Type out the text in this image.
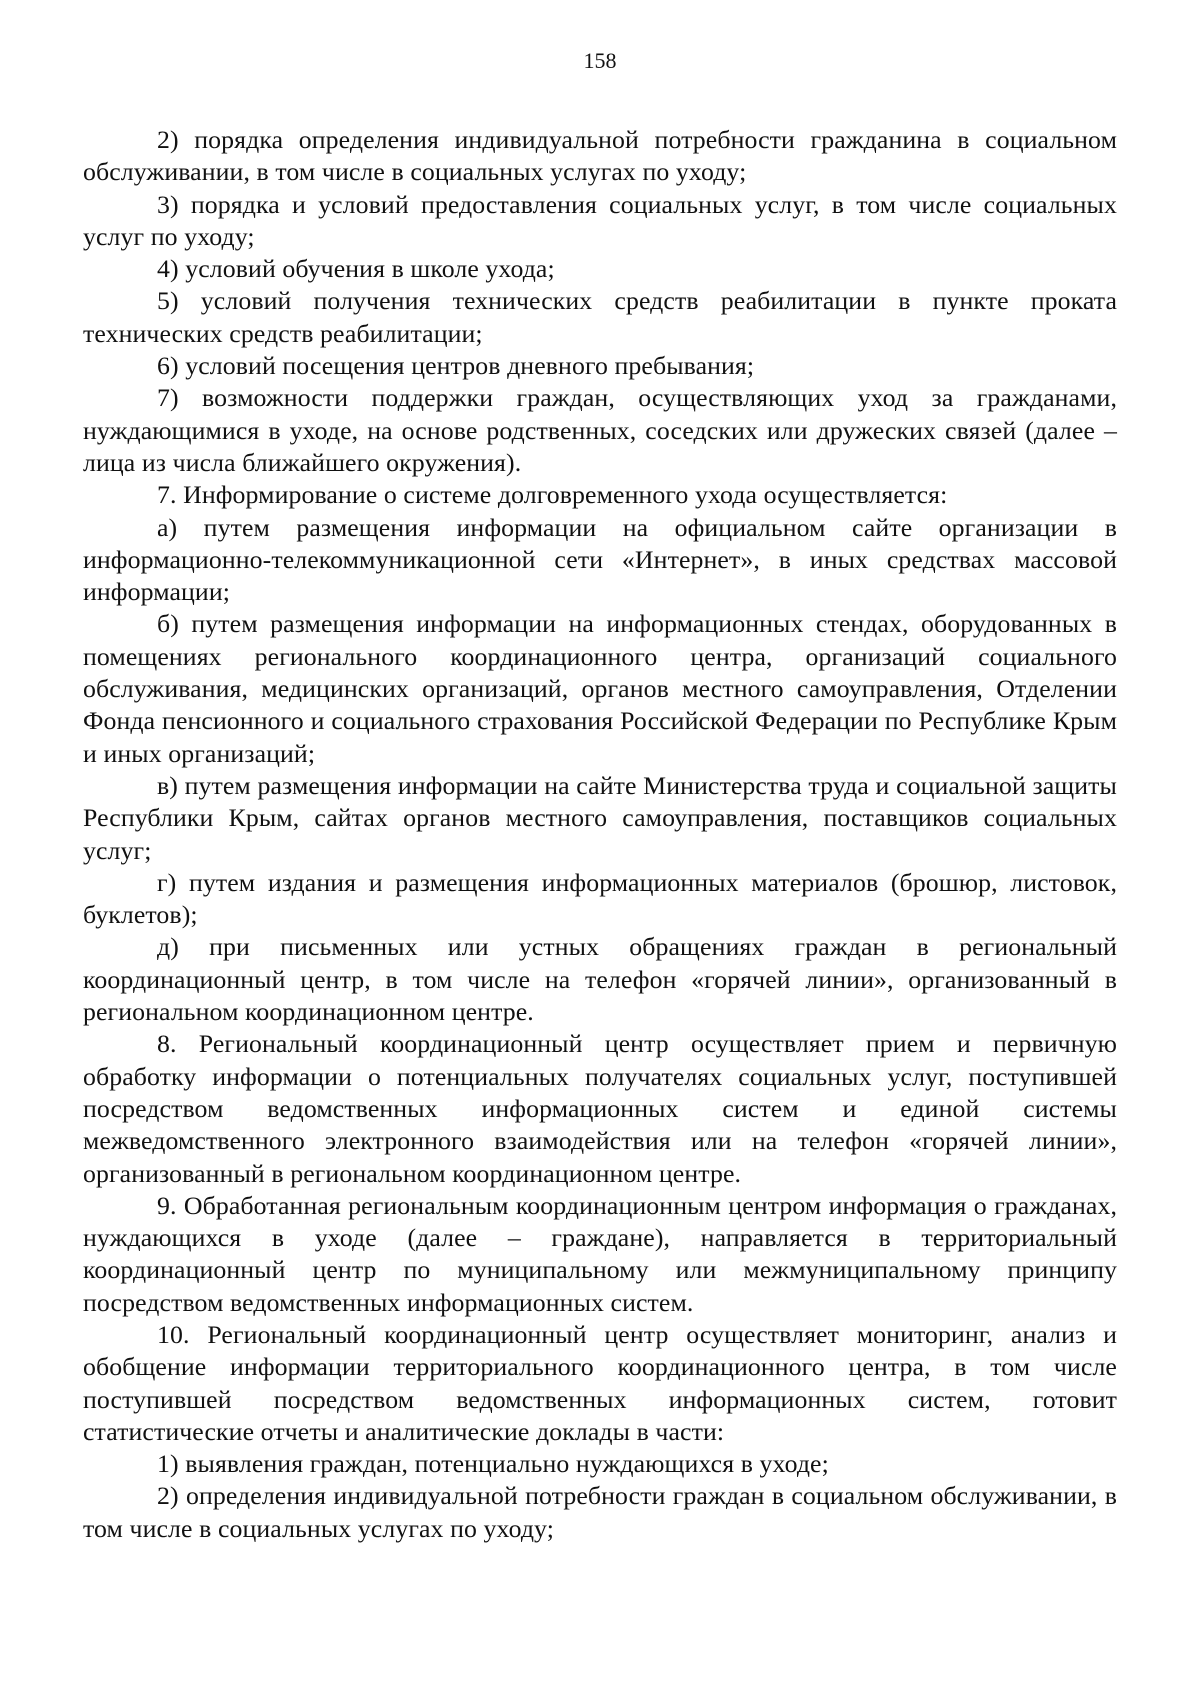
158

2) порядка определения индивидуальной потребности гражданина в социальном обслуживании, в том числе в социальных услугах по уходу;

3) порядка и условий предоставления социальных услуг, в том числе социальных услуг по уходу;

4) условий обучения в школе ухода;

5) условий получения технических средств реабилитации в пункте проката технических средств реабилитации;

6) условий посещения центров дневного пребывания;

7) возможности поддержки граждан, осуществляющих уход за гражданами, нуждающимися в уходе, на основе родственных, соседских или дружеских связей (далее – лица из числа ближайшего окружения).

7. Информирование о системе долговременного ухода осуществляется:

а) путем размещения информации на официальном сайте организации в информационно-телекоммуникационной сети «Интернет», в иных средствах массовой информации;

б) путем размещения информации на информационных стендах, оборудованных в помещениях регионального координационного центра, организаций социального обслуживания, медицинских организаций, органов местного самоуправления, Отделении Фонда пенсионного и социального страхования Российской Федерации по Республике Крым и иных организаций;

в) путем размещения информации на сайте Министерства труда и социальной защиты Республики Крым, сайтах органов местного самоуправления, поставщиков социальных услуг;

г) путем издания и размещения информационных материалов (брошюр, листовок, буклетов);

д) при письменных или устных обращениях граждан в региональный координационный центр, в том числе на телефон «горячей линии», организованный в региональном координационном центре.

8. Региональный координационный центр осуществляет прием и первичную обработку информации о потенциальных получателях социальных услуг, поступившей посредством ведомственных информационных систем и единой системы межведомственного электронного взаимодействия или на телефон «горячей линии», организованный в региональном координационном центре.

9. Обработанная региональным координационным центром информация о гражданах, нуждающихся в уходе (далее – граждане), направляется в территориальный координационный центр по муниципальному или межмуниципальному принципу посредством ведомственных информационных систем.

10. Региональный координационный центр осуществляет мониторинг, анализ и обобщение информации территориального координационного центра, в том числе поступившей посредством ведомственных информационных систем, готовит статистические отчеты и аналитические доклады в части:

1) выявления граждан, потенциально нуждающихся в уходе;

2) определения индивидуальной потребности граждан в социальном обслуживании, в том числе в социальных услугах по уходу;
